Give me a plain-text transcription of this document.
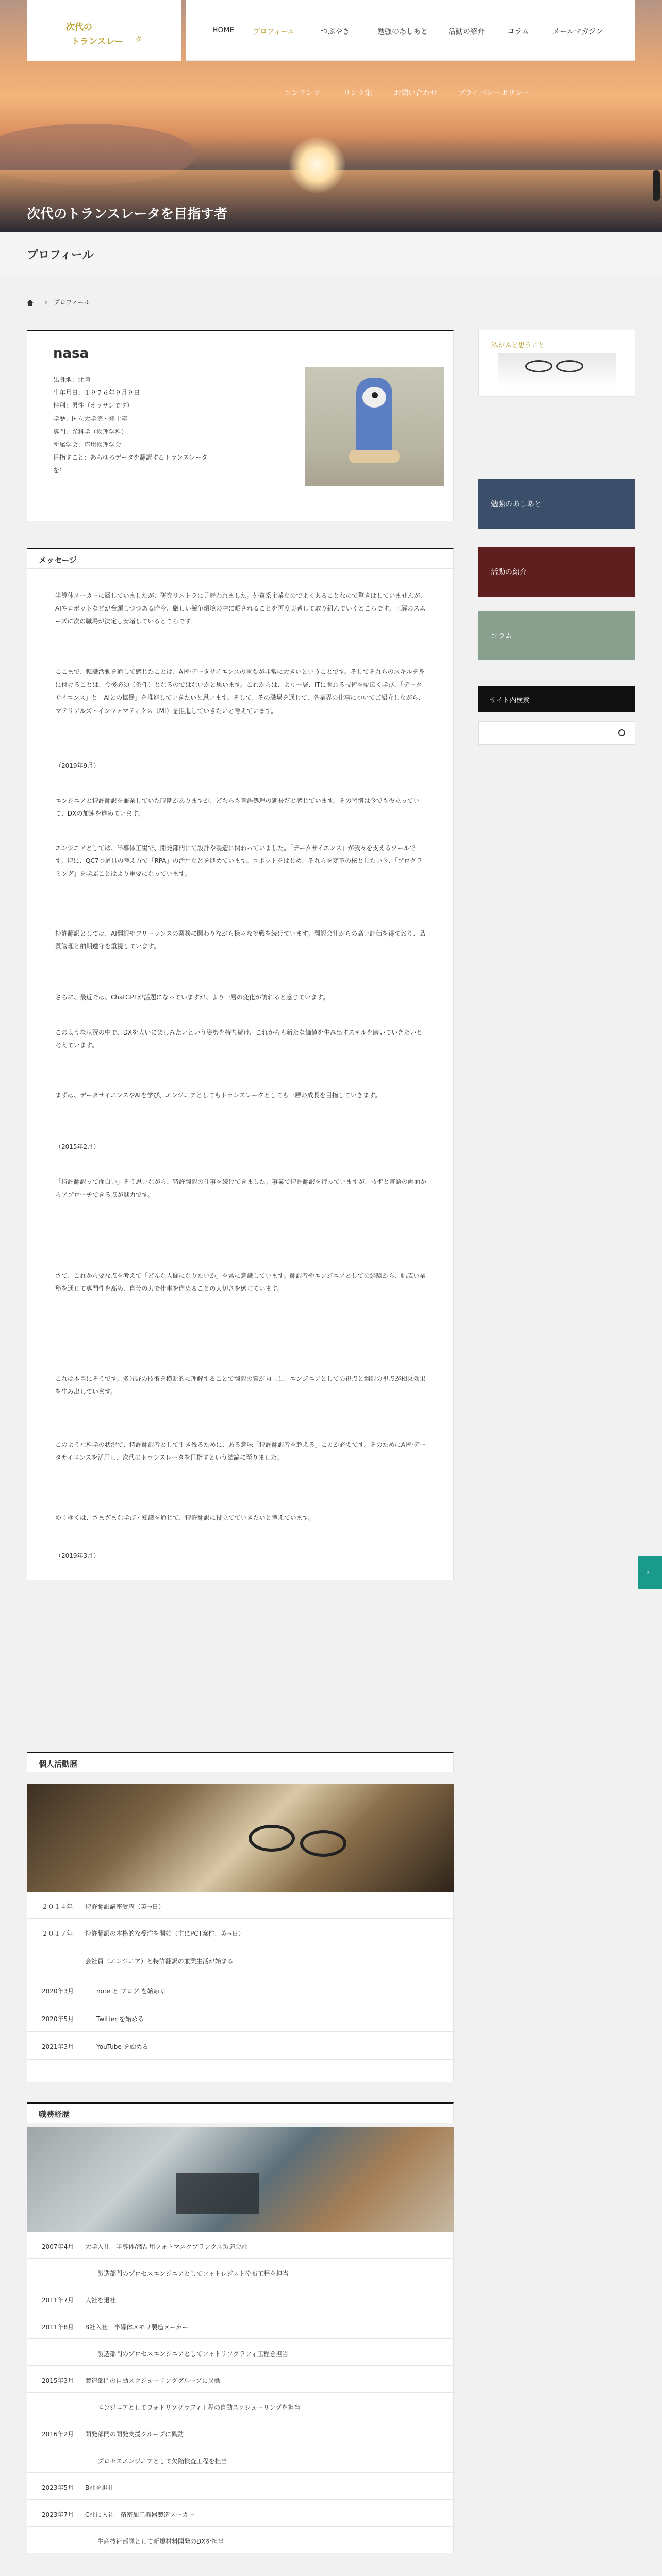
次代の
トランスレー タ
HOME	プロフィール	つぶやき	勉強のあしあと	活動の紹介	コラム	メールマガジン
コンテンツ	リンク集	お問い合わせ	プライバシーポリシー
次代のトランスレータを目指す者
プロフィール
› プロフィール
nasa
出身地：北陸
生年月日：１９７６年９月９日
性別：男性（オッサンです）
学歴：国立大学院・修士卒
専門：光科学（物理学科）
所属学会：応用物理学会
目指すこと：あらゆるデータを翻訳するトランスレータ
を！
メッセージ

半導体メーカーに属していましたが、研究リストラに見舞われました。外資系企業なのでよくあることなので驚きはしていませんが、AIやロボットなどが台頭しつつある昨今、厳しい競争環境の中に晒されることを再度実感して取り組んでいくところです。正解のスムーズに次の職場が決定し安堵しているところです。

ここまで、転職活動を通して感じたことは、AIやデータサイエンスの重要が非常に大きいということです。そしてそれらのスキルを身に付けることは、今後必須（条件）となるのではないかと思います。これからは、より一層、ITに関わる技術を幅広く学び、「データサイエンス」と「AIとの協働」を推進していきたいと思います。そして、その職場を通じて、各業界の仕事についてご紹介しながら、マテリアルズ・インフォマティクス（MI）を推進していきたいと考えています。

（2019年9月）

エンジニアと特許翻訳を兼業していた時期がありますが、どちらも言語処理の延長だと感じています。その習慣は今でも役立っていて、DXの加速を進めています。

エンジニアとしては、半導体工場で、開発部門にて設計や製造に関わっていました。「データサイエンス」が我々を支えるツールです。特に、QC7つ道具の考え方で「RPA」の活用などを進めています。ロボットをはじめ、それらを変革の核としたい今、「プログラミング」を学ぶことはより重要になっています。

特許翻訳としては、AI翻訳やフリーランスの業務に関わりながら様々な挑戦を続けています。翻訳会社からの高い評価を得ており、品質管理と納期遵守を重視しています。

さらに、最近では、ChatGPTが話題になっていますが、より一層の変化が訪れると感じています。

このような状況の中で、DXを大いに楽しみたいという姿勢を持ち続け、これからも新たな価値を生み出すスキルを磨いていきたいと考えています。

まずは、データサイエンスやAIを学び、エンジニアとしてもトランスレータとしても一層の成長を目指していきます。

（2015年2月）

「特許翻訳って面白い」そう思いながら、特許翻訳の仕事を続けてきました。事業で特許翻訳を行っていますが、技術と言語の両面からアプローチできる点が魅力です。

さて、これから要な点を考えて「どんな人間になりたいか」を常に意識しています。翻訳者やエンジニアとしての経験から、幅広い業務を通じて専門性を高め、自分の力で仕事を進めることの大切さを感じています。

これは本当にそうです。多分野の技術を横断的に理解することで翻訳の質が向上し、エンジニアとしての視点と翻訳の視点が相乗効果を生み出しています。

このような科学の状況で、特許翻訳者として生き残るために、ある意味「特許翻訳者を超える」ことが必要です。そのためにAIやデータサイエンスを活用し、次代のトランスレータを目指すという結論に至りました。

ゆくゆくは、さまざまな学び・知識を通じて、特許翻訳に役立てていきたいと考えています。

（2019年3月）

個人活動歴
２０１４年 特許翻訳講座受講（英→日）
２０１７年 特許翻訳の本格的な受注を開始（主にPCT案件、英→日）
会社員（エンジニア）と特許翻訳の兼業生活が始まる
2020年3月	note と ブログ を始める
2020年5月	Twitter を始める
2021年3月	YouTube を始める
職務経歴
2007年4月 大学入社　半導体/液晶用フォトマスクブランクス製造会社
製造部門のプロセスエンジニアとしてフォトレジスト塗布工程を担当
2011年7月 大社を退社
2011年8月 B社入社　半導体メモリ製造メーカー
製造部門のプロセスエンジニアとしてフォトリソグラフィ工程を担当
2015年3月 製造部門の自動スケジューリンググループに異動
エンジニアとしてフォトリソグラフィ工程の自動スケジューリングを担当
2016年2月 開発部門の開発支援グループに異動
プロセスエンジニアとして欠陥検査工程を担当
2023年5月 B社を退社
2023年7月 C社に入社　精密加工機器製造メーカー
生産技術部隊として新規材料開発のDXを担当
私がふと思うこと
勉強のあしあと
活動の紹介
コラム
サイト内検索
›
